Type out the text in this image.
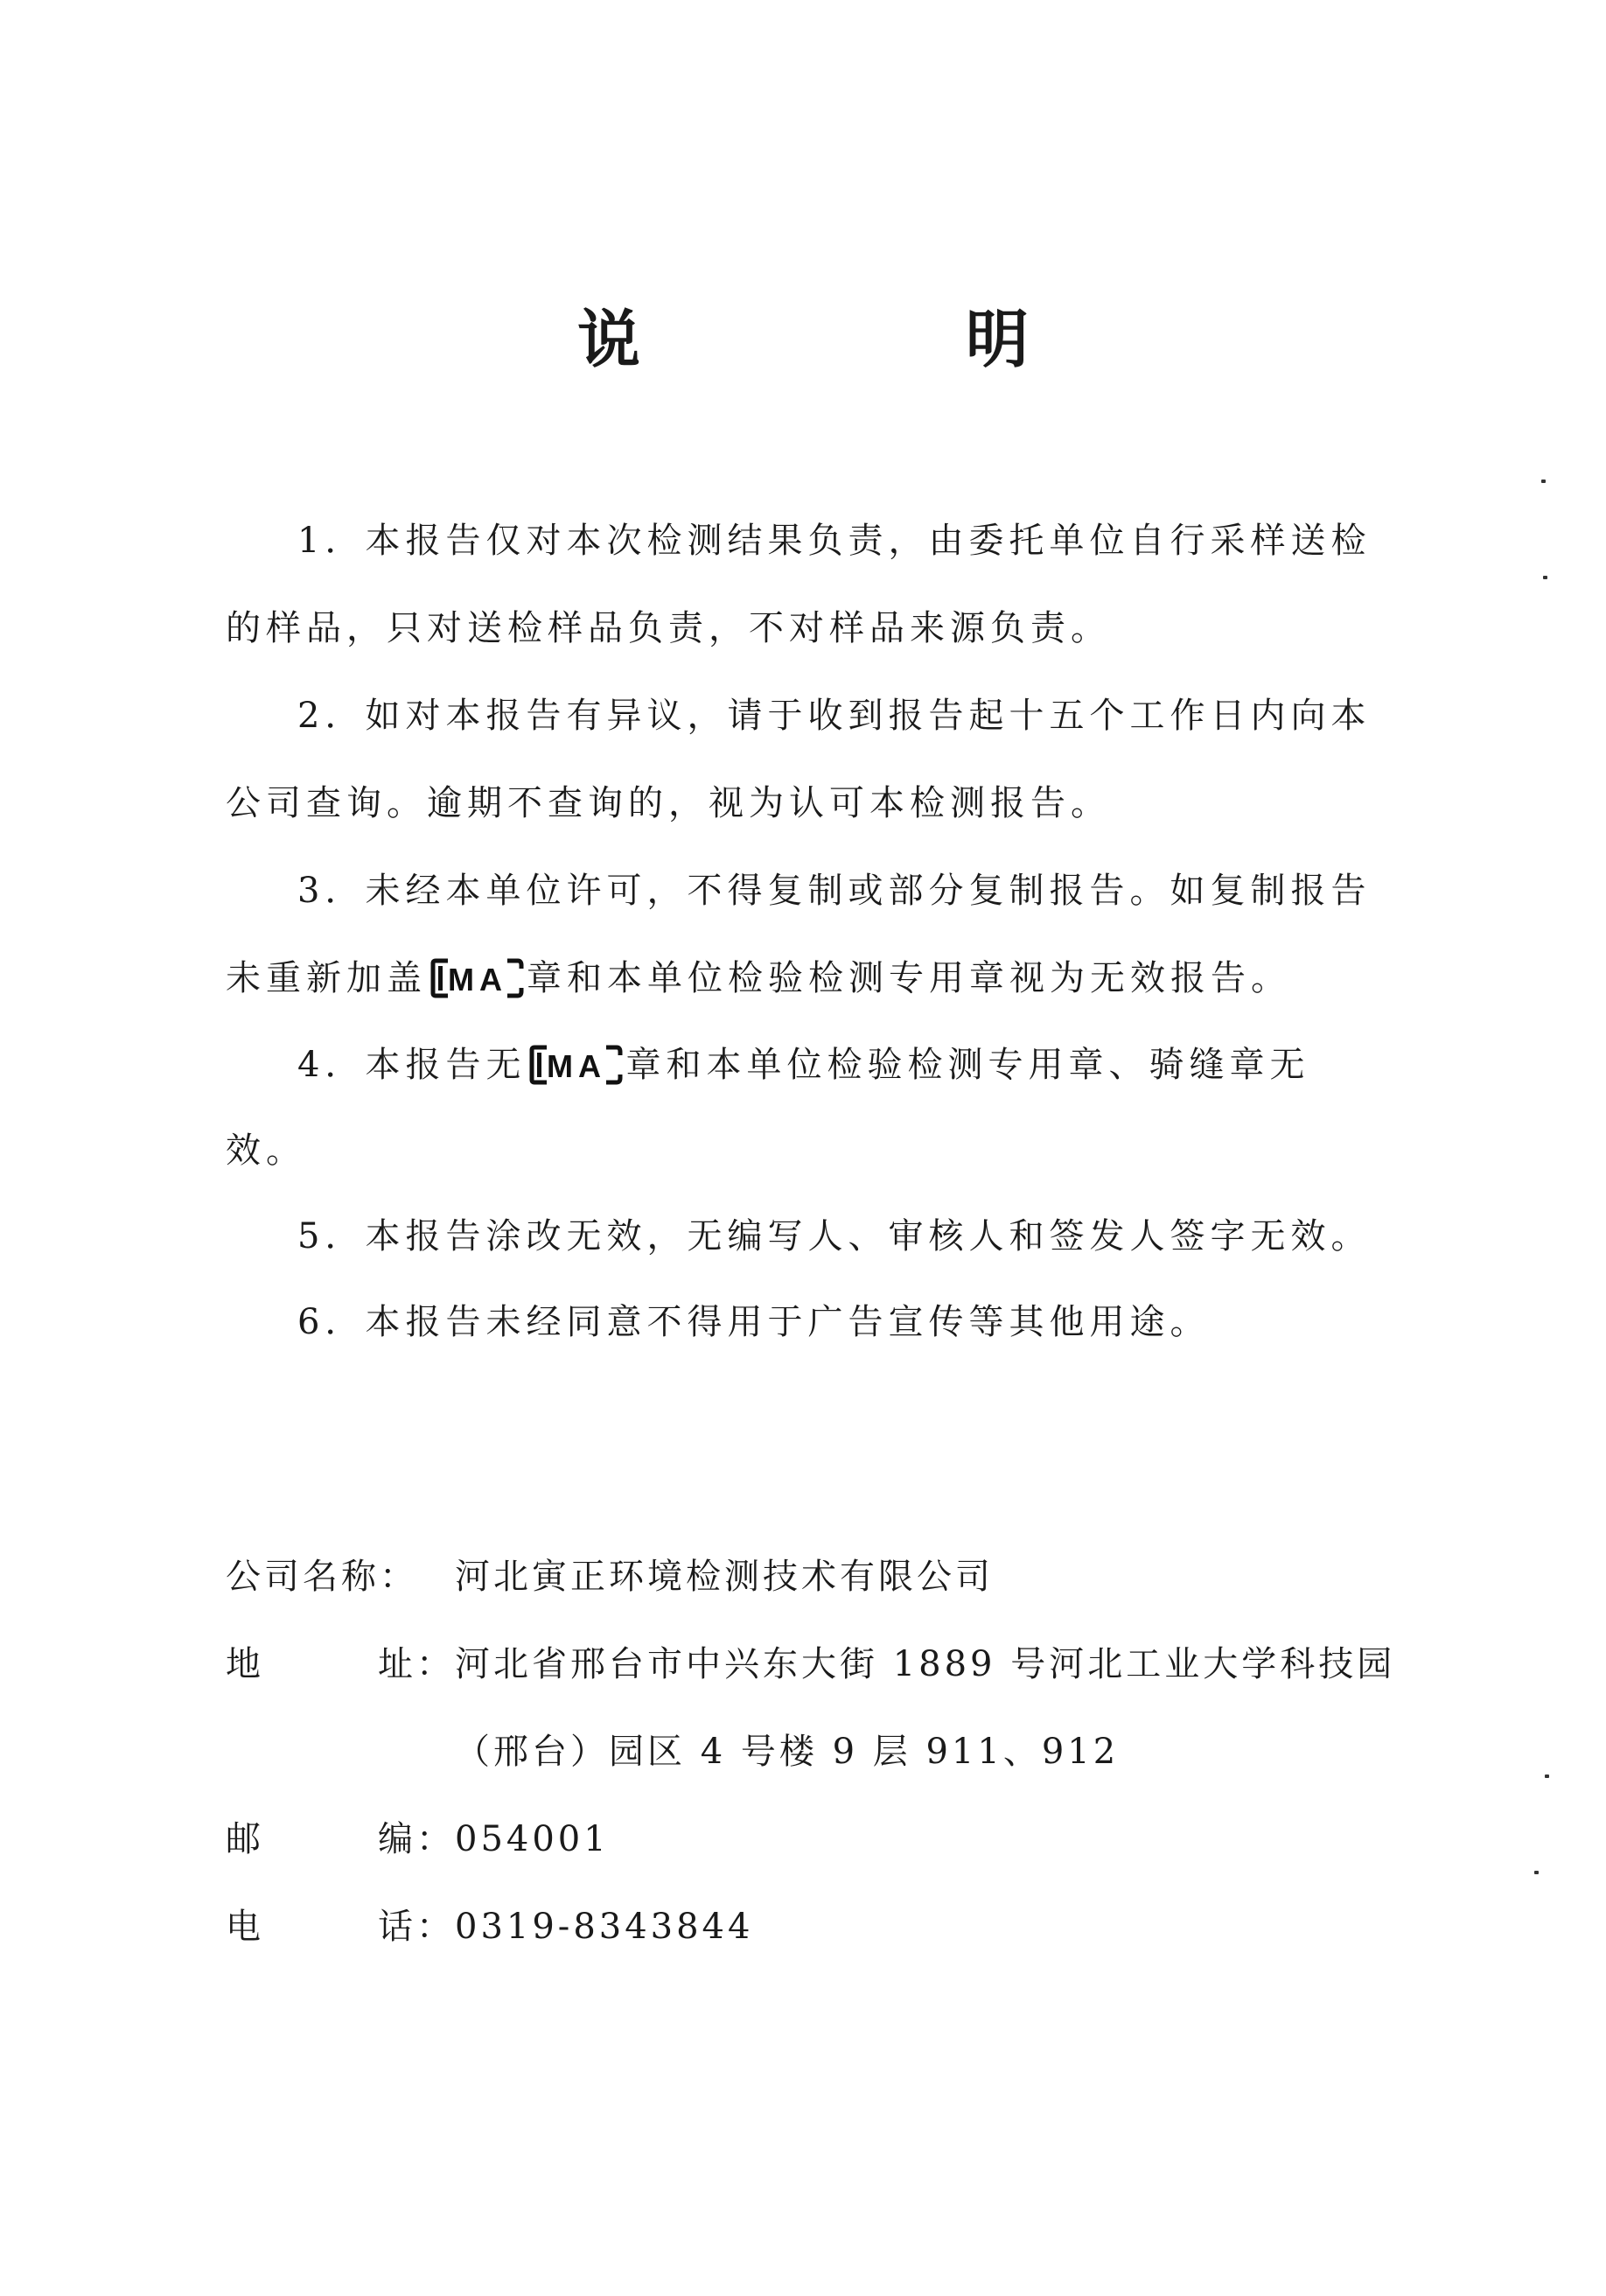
说　明

1．本报告仅对本次检测结果负责，由委托单位自行采样送检的样品，只对送检样品负责，不对样品来源负责。

2．如对本报告有异议，请于收到报告起十五个工作日内向本公司查询。逾期不查询的，视为认可本检测报告。

3．未经本单位许可，不得复制或部分复制报告。如复制报告未重新加盖 MA 章和本单位检验检测专用章视为无效报告。

4．本报告无 MA 章和本单位检验检测专用章、骑缝章无效。

5．本报告涂改无效，无编写人、审核人和签发人签字无效。

6．本报告未经同意不得用于广告宣传等其他用途。

公司名称： 河北寅正环境检测技术有限公司
地	址： 河北省邢台市中兴东大街 1889 号河北工业大学科技园
（邢台）园区 4 号楼 9 层 911、912
邮	编： 054001
电	话： 0319-8343844
